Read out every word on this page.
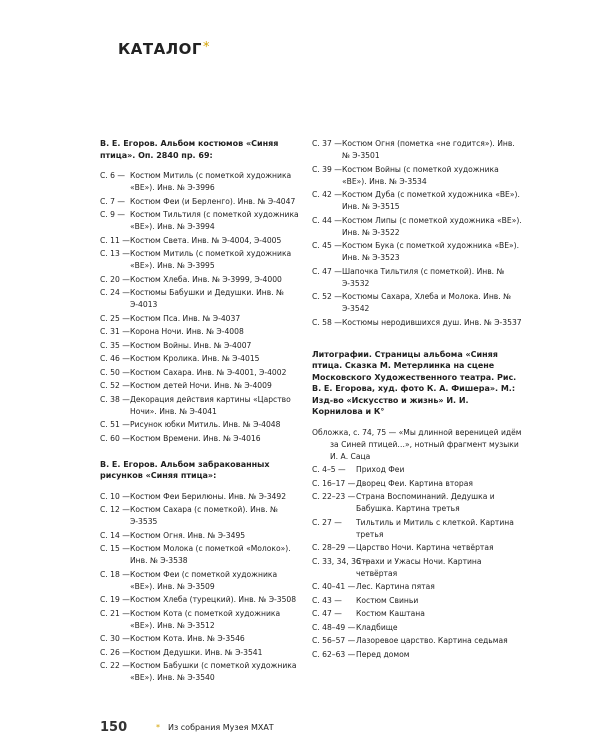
КАТАЛОГ*
В. Е. Егоров. Альбом костюмов «Синяя птица». Оп. 2840 пр. 69:
С. 6 — Костюм Митиль (с пометкой художника «ВЕ»). Инв. № Э-3996
С. 7 — Костюм Феи (и Берленго). Инв. № Э-4047
С. 9 — Костюм Тильтиля (с пометкой художника «ВЕ»). Инв. № Э-3994
С. 11 — Костюм Света. Инв. № Э-4004, Э-4005
С. 13 — Костюм Митиль (с пометкой художника «ВЕ»). Инв. № Э-3995
С. 20 — Костюм Хлеба. Инв. № Э-3999, Э-4000
С. 24 — Костюмы Бабушки и Дедушки. Инв. № Э-4013
С. 25 — Костюм Пса. Инв. № Э-4037
С. 31 — Корона Ночи. Инв. № Э-4008
С. 35 — Костюм Войны. Инв. № Э-4007
С. 46 — Костюм Кролика. Инв. № Э-4015
С. 50 — Костюм Сахара. Инв. № Э-4001, Э-4002
С. 52 — Костюм детей Ночи. Инв. № Э-4009
С. 38 — Декорация действия картины «Царство Ночи». Инв. № Э-4041
С. 51 — Рисунок юбки Митиль. Инв. № Э-4048
С. 60 — Костюм Времени. Инв. № Э-4016
В. Е. Егоров. Альбом забракованных рисунков «Синяя птица»:
С. 10 — Костюм Феи Берилюны. Инв. № Э-3492
С. 12 — Костюм Сахара (с пометкой). Инв. № Э-3535
С. 14 — Костюм Огня. Инв. № Э-3495
С. 15 — Костюм Молока (с пометкой «Молоко»). Инв. № Э-3538
С. 18 — Костюм Феи (с пометкой художника «ВЕ»). Инв. № Э-3509
С. 19 — Костюм Хлеба (турецкий). Инв. № Э-3508
С. 21 — Костюм Кота (с пометкой художника «ВЕ»). Инв. № Э-3512
С. 30 — Костюм Кота. Инв. № Э-3546
С. 26 — Костюм Дедушки. Инв. № Э-3541
С. 22 — Костюм Бабушки (с пометкой художника «ВЕ»). Инв. № Э-3540
С. 37 — Костюм Огня (пометка «не годится»). Инв. № Э-3501
С. 39 — Костюм Войны (с пометкой художника «ВЕ»). Инв. № Э-3534
С. 42 — Костюм Дуба (с пометкой художника «ВЕ»). Инв. № Э-3515
С. 44 — Костюм Липы (с пометкой художника «ВЕ»). Инв. № Э-3522
С. 45 — Костюм Бука (с пометкой художника «ВЕ»). Инв. № Э-3523
С. 47 — Шапочка Тильтиля (с пометкой). Инв. № Э-3532
С. 52 — Костюмы Сахара, Хлеба и Молока. Инв. № Э-3542
С. 58 — Костюмы неродившихся душ. Инв. № Э-3537
Литографии. Страницы альбома «Синяя птица. Сказка М. Метерлинка на сцене Московского Художественного театра. Рис. В. Е. Егорова, худ. фото К. А. Фишера». М.: Изд-во «Искусство и жизнь» И. И. Корнилова и К°
Обложка, с. 74, 75 — «Мы длинной вереницей идём за Синей птицей…», нотный фрагмент музыки И. А. Саца
С. 4–5 — Приход Феи
С. 16–17 — Дворец Феи. Картина вторая
С. 22–23 — Страна Воспоминаний. Дедушка и Бабушка. Картина третья
С. 27 — Тильтиль и Митиль с клеткой. Картина третья
С. 28–29 — Царство Ночи. Картина четвёртая
С. 33, 34, 36 —
Страхи и Ужасы Ночи. Картина четвёртая
С. 40–41 — Лес. Картина пятая
С. 43 — Костюм Свиньи
С. 47 — Костюм Каштана
С. 48–49 — Кладбище
С. 56–57 — Лазоревое царство. Картина седьмая
С. 62–63 — Перед домом
150	* Из собрания Музея МХАТ
